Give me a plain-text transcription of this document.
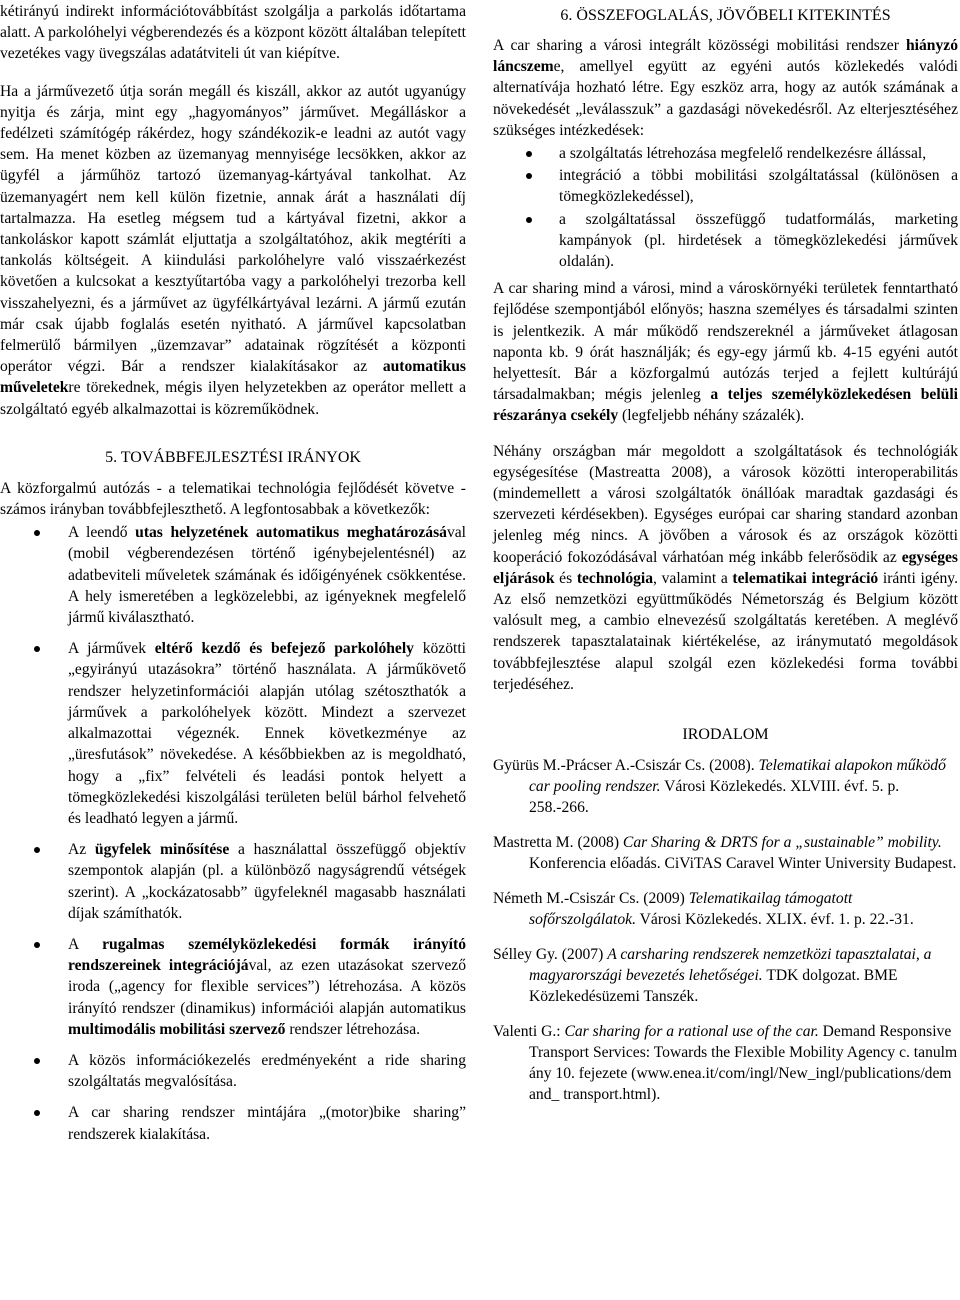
kétirányú indirekt információtovábbítást szolgálja a parkolás időtartama alatt. A parkolóhelyi végberendezés és a központ között általában telepített vezetékes vagy üvegszálas adatátviteli út van kiépítve.

Ha a járművezető útja során megáll és kiszáll, akkor az autót ugyanúgy nyitja és zárja, mint egy „hagyományos” járművet. Megálláskor a fedélzeti számítógép rákérdez, hogy szándékozik-e leadni az autót vagy sem. Ha menet közben az üzemanyag mennyisége lecsökken, akkor az ügyfél a járműhöz tartozó üzemanyag-kártyával tankolhat. Az üzemanyagért nem kell külön fizetnie, annak árát a használati díj tartalmazza. Ha esetleg mégsem tud a kártyával fizetni, akkor a tankoláskor kapott számlát eljuttatja a szolgáltatóhoz, akik megtéríti a tankolás költségeit. A kiindulási parkolóhelyre való visszaérkezést követően a kulcsokat a kesztyűtartóba vagy a parkolóhelyi trezorba kell visszahelyezni, és a járművet az ügyfélkártyával lezárni. A jármű ezután már csak újabb foglalás esetén nyitható. A járművel kapcsolatban felmerülő bármilyen „üzemzavar” adatainak rögzítését a központi operátor végzi. Bár a rendszer kialakításakor az automatikus műveletekre törekednek, mégis ilyen helyzetekben az operátor mellett a szolgáltató egyéb alkalmazottai is közreműködnek.

5. TOVÁBBFEJLESZTÉSI IRÁNYOK

A közforgalmú autózás - a telematikai technológia fejlődését követve - számos irányban továbbfejleszthető. A legfontosabbak a következők:

A leendő utas helyzetének automatikus meghatározásával (mobil végberendezésen történő igénybejelentésnél) az adatbeviteli műveletek számának és időigényének csökkentése. A hely ismeretében a legközelebbi, az igényeknek megfelelő jármű kiválasztható.
A járművek eltérő kezdő és befejező parkolóhely közötti „egyirányú utazásokra” történő használata. A járműkövető rendszer helyzetinformációi alapján utólag szétoszthatók a járművek a parkolóhelyek között. Mindezt a szervezet alkalmazottai végeznék. Ennek következménye az „üresfutások” növekedése. A későbbiekben az is megoldható, hogy a „fix” felvételi és leadási pontok helyett a tömegközlekedési kiszolgálási területen belül bárhol felvehető és leadható legyen a jármű.
Az ügyfelek minősítése a használattal összefüggő objektív szempontok alapján (pl. a különböző nagyságrendű vétségek szerint). A „kockázatosabb” ügyfeleknél magasabb használati díjak számíthatók.
A rugalmas személyközlekedési formák irányító rendszereinek integrációjával, az ezen utazásokat szervező iroda („agency for flexible services”) létrehozása. A közös irányító rendszer (dinamikus) információi alapján automatikus multimodális mobilitási szervező rendszer létrehozása.
A közös információkezelés eredményeként a ride sharing szolgáltatás megvalósítása.
A car sharing rendszer mintájára „(motor)bike sharing” rendszerek kialakítása.
6. ÖSSZEFOGLALÁS, JÖVŐBELI KITEKINTÉS

A car sharing a városi integrált közösségi mobilitási rendszer hiányzó láncszeme, amellyel együtt az egyéni autós közlekedés valódi alternatívája hozható létre. Egy eszköz arra, hogy az autók számának a növekedését „leválasszuk” a gazdasági növekedésről. Az elterjesztéséhez szükséges intézkedések:

a szolgáltatás létrehozása megfelelő rendelkezésre állással,
integráció a többi mobilitási szolgáltatással (különösen a tömegközlekedéssel),
a szolgáltatással összefüggő tudatformálás, marketing kampányok (pl. hirdetések a tömegközlekedési járművek oldalán).

A car sharing mind a városi, mind a városkörnyéki területek fenntartható fejlődése szempontjából előnyös; haszna személyes és társadalmi szinten is jelentkezik. A már működő rendszereknél a járműveket átlagosan naponta kb. 9 órát használják; és egy-egy jármű kb. 4-15 egyéni autót helyettesít. Bár a közforgalmú autózás terjed a fejlett kultúrájú társadalmakban; mégis jelenleg a teljes személyközlekedésen belüli részaránya csekély (legfeljebb néhány százalék).

Néhány országban már megoldott a szolgáltatások és technológiák egységesítése (Mastreatta 2008), a városok közötti interoperabilitás (mindemellett a városi szolgáltatók önállóak maradtak gazdasági és szervezeti kérdésekben). Egységes európai car sharing standard azonban jelenleg még nincs. A jövőben a városok és az országok közötti kooperáció fokozódásával várhatóan még inkább felerősödik az egységes eljárások és technológia, valamint a telematikai integráció iránti igény. Az első nemzetközi együttműködés Németország és Belgium között valósult meg, a cambio elnevezésű szolgáltatás keretében. A meglévő rendszerek tapasztalatainak kiértékelése, az iránymutató megoldások továbbfejlesztése alapul szolgál ezen közlekedési forma további terjedéséhez.

IRODALOM

Gyürüs M.-Prácser A.-Csiszár Cs. (2008). Telematikai alapokon működő car pooling rendszer. Városi Közlekedés. XLVIII. évf. 5. p. 258.-266.

Mastretta M. (2008) Car Sharing & DRTS for a „sustainable” mobility. Konferencia előadás. CiViTAS Caravel Winter University Budapest.

Németh M.-Csiszár Cs. (2009) Telematikailag támogatott sofőrszolgálatok. Városi Közlekedés. XLIX. évf. 1. p. 22.-31.

Sélley Gy. (2007) A carsharing rendszerek nemzetközi tapasztalatai, a magyarországi bevezetés lehetőségei. TDK dolgozat. BME Közlekedésüzemi Tanszék.

Valenti G.: Car sharing for a rational use of the car. Demand Responsive Transport Services: Towards the Flexible Mobility Agency c. tanulmány 10. fejezete (www.enea.it/com/ingl/New_ingl/publications/demand_ transport.html).
